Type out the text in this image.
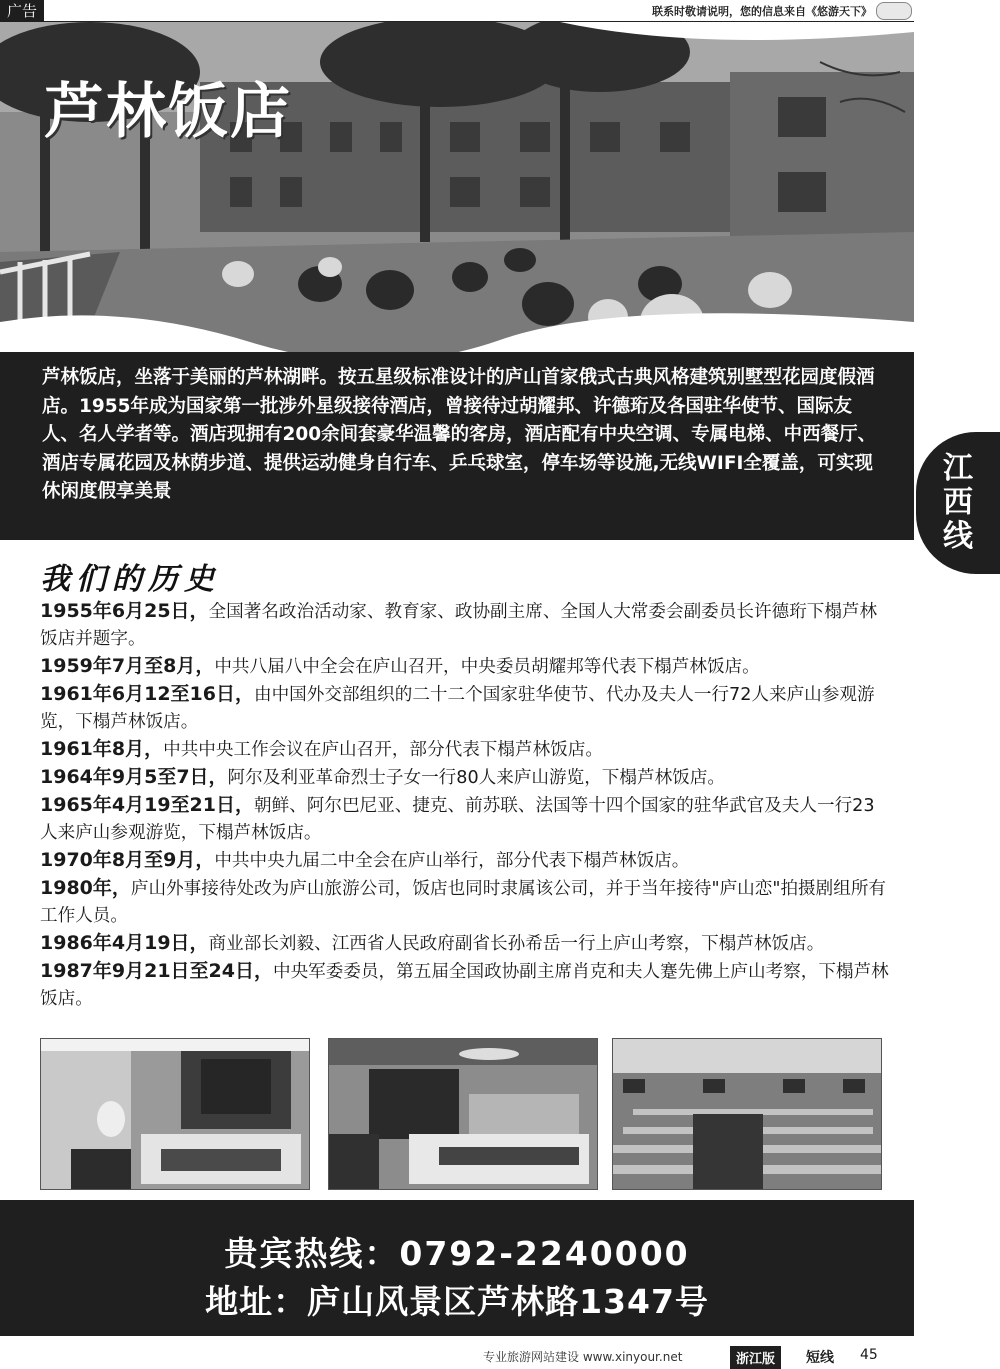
广告	联系时敬请说明，您的信息来自《悠游天下》
芦林饭店
芦林饭店，坐落于美丽的芦林湖畔。按五星级标准设计的庐山首家俄式古典风格建筑别墅型花园度假酒店。1955年成为国家第一批涉外星级接待酒店，曾接待过胡耀邦、许德珩及各国驻华使节、国际友人、名人学者等。酒店现拥有200余间套豪华温馨的客房，酒店配有中央空调、专属电梯、中西餐厅、酒店专属花园及林荫步道、提供运动健身自行车、乒乓球室，停车场等设施,无线WIFI全覆盖，可实现休闲度假享美景
江
西
线
我们的历史

1955年6月25日，全国著名政治活动家、教育家、政协副主席、全国人大常委会副委员长许德珩下榻芦林饭店并题字。

1959年7月至8月，中共八届八中全会在庐山召开，中央委员胡耀邦等代表下榻芦林饭店。

1961年6月12至16日，由中国外交部组织的二十二个国家驻华使节、代办及夫人一行72人来庐山参观游览，下榻芦林饭店。

1961年8月，中共中央工作会议在庐山召开，部分代表下榻芦林饭店。

1964年9月5至7日，阿尔及利亚革命烈士子女一行80人来庐山游览，下榻芦林饭店。

1965年4月19至21日，朝鲜、阿尔巴尼亚、捷克、前苏联、法国等十四个国家的驻华武官及夫人一行23人来庐山参观游览，下榻芦林饭店。

1970年8月至9月，中共中央九届二中全会在庐山举行，部分代表下榻芦林饭店。

1980年，庐山外事接待处改为庐山旅游公司，饭店也同时隶属该公司，并于当年接待"庐山恋"拍摄剧组所有工作人员。

1986年4月19日，商业部长刘毅、江西省人民政府副省长孙希岳一行上庐山考察，下榻芦林饭店。

1987年9月21日至24日，中央军委委员，第五届全国政协副主席肖克和夫人蹇先佛上庐山考察，下榻芦林饭店。

贵宾热线：0792-2240000
地址：庐山风景区芦林路1347号
专业旅游网站建设 www.xinyour.net	浙江版	短线 45
